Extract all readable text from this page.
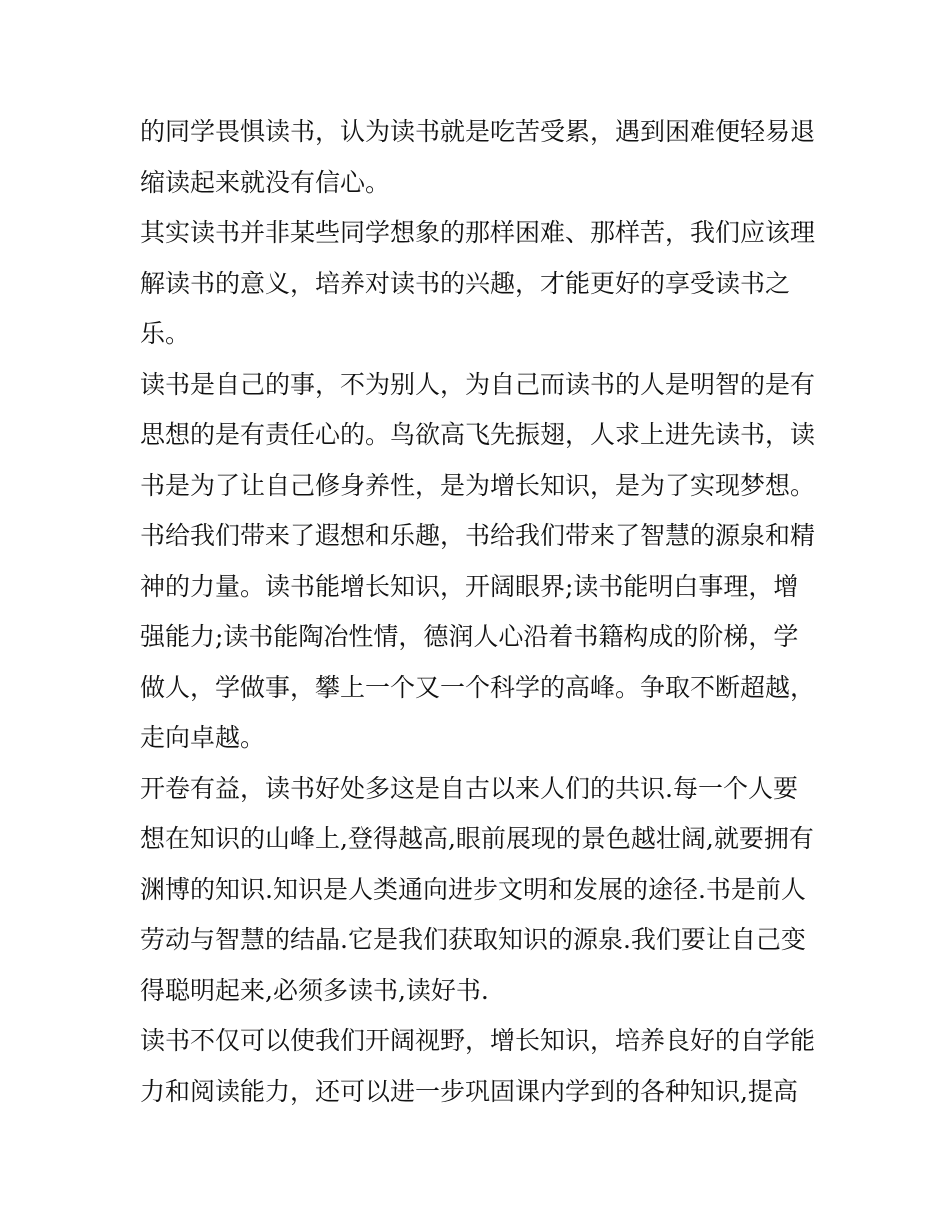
的同学畏惧读书，认为读书就是吃苦受累，遇到困难便轻易退
缩读起来就没有信心。
其实读书并非某些同学想象的那样困难、那样苦，我们应该理
解读书的意义，培养对读书的兴趣，才能更好的享受读书之
乐。
读书是自己的事，不为别人，为自己而读书的人是明智的是有
思想的是有责任心的。鸟欲高飞先振翅，人求上进先读书，读
书是为了让自己修身养性，是为增长知识，是为了实现梦想。
书给我们带来了遐想和乐趣，书给我们带来了智慧的源泉和精
神的力量。读书能增长知识，开阔眼界;读书能明白事理，增
强能力;读书能陶冶性情，德润人心沿着书籍构成的阶梯，学
做人，学做事，攀上一个又一个科学的高峰。争取不断超越，
走向卓越。
开卷有益，读书好处多这是自古以来人们的共识.每一个人要
想在知识的山峰上,登得越高,眼前展现的景色越壮阔,就要拥有
渊博的知识.知识是人类通向进步文明和发展的途径.书是前人
劳动与智慧的结晶.它是我们获取知识的源泉.我们要让自己变
得聪明起来,必须多读书,读好书.
读书不仅可以使我们开阔视野，增长知识，培养良好的自学能
力和阅读能力，还可以进一步巩固课内学到的各种知识,提高
